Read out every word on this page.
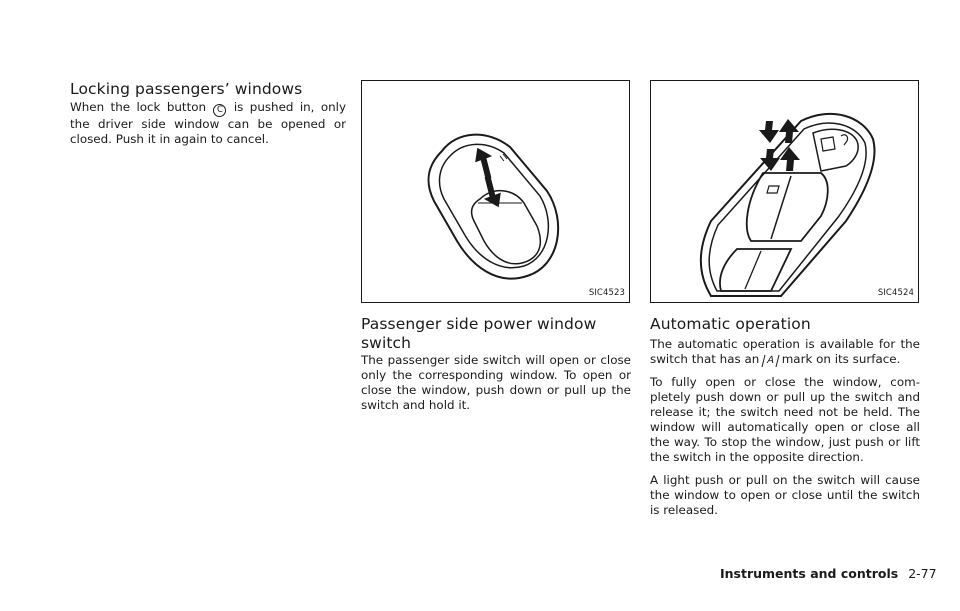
Locking passengers’ windows

When the lock button C is pushed in, only the driver side window can be opened or closed. Push it in again to cancel.

SIC4523	SIC4524
Passenger side power window switch

The passenger side switch will open or close only the corresponding window. To open or close the window, push down or pull up the switch and hold it.

Automatic operation

The automatic operation is available for the switch that has an A mark on its surface.

To fully open or close the window, com-pletely push down or pull up the switch and release it; the switch need not be held. The window will automatically open or close all the way. To stop the window, just push or lift the switch in the opposite direction.

A light push or pull on the switch will cause the window to open or close until the switch is released.

Instruments and controls 2-77
